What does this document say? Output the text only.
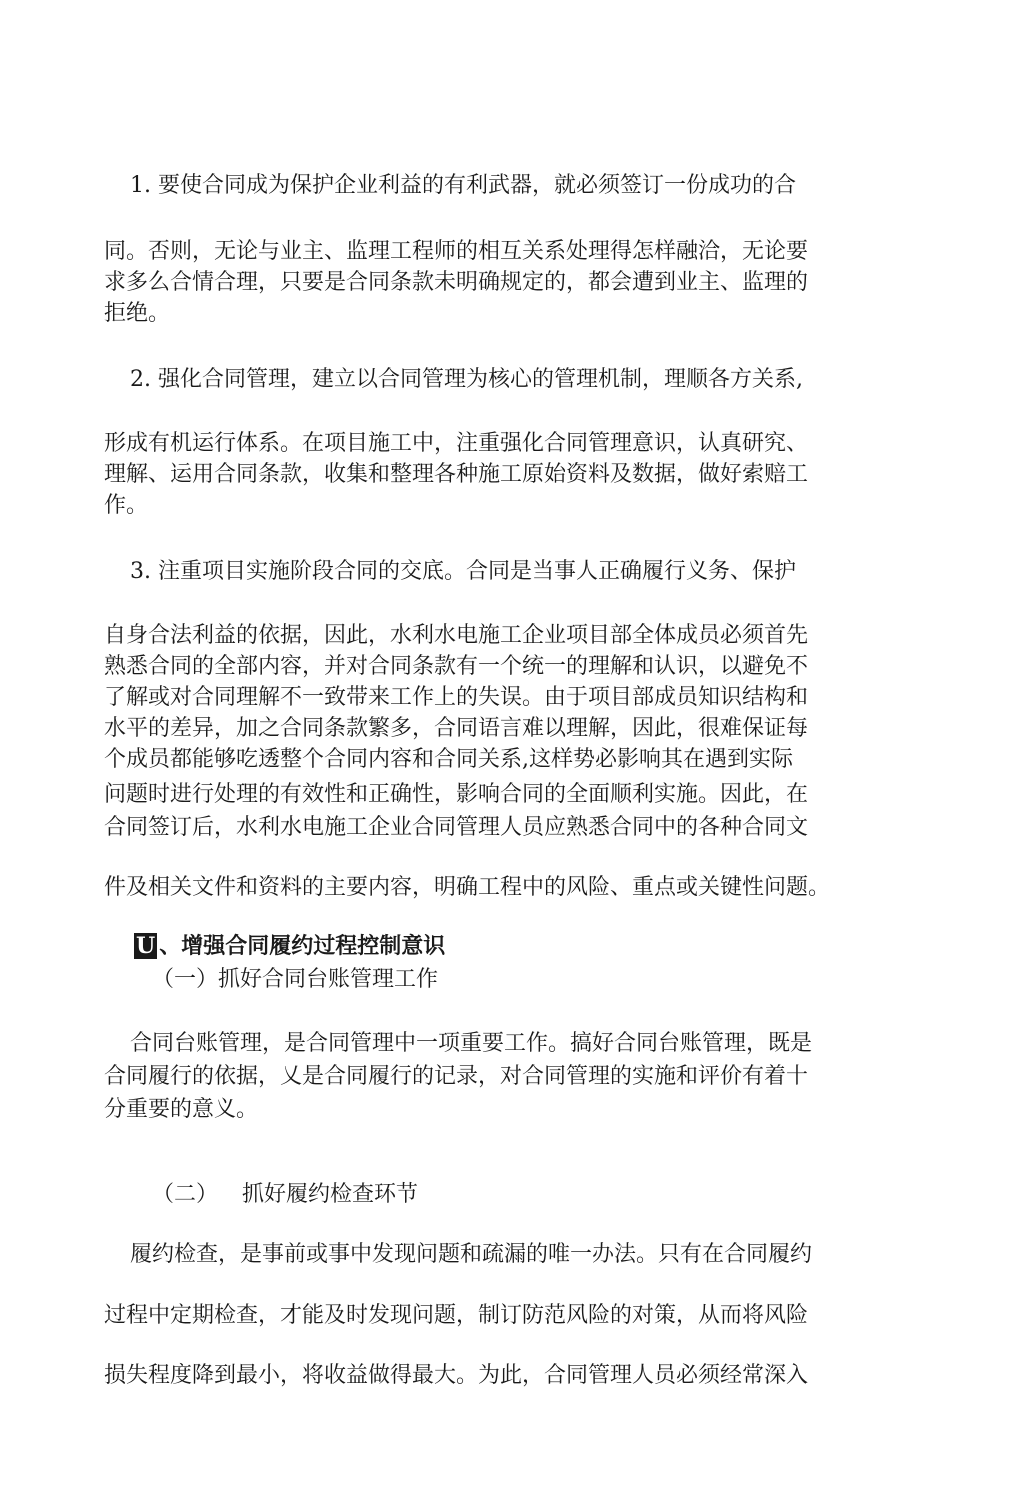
1. 要使合同成为保护企业利益的有利武器，就必须签订一份成功的合
同。否则，无论与业主、监理工程师的相互关系处理得怎样融洽，无论要
求多么合情合理，只要是合同条款未明确规定的，都会遭到业主、监理的
拒绝。
2. 强化合同管理，建立以合同管理为核心的管理机制，理顺各方关系,
形成有机运行体系。在项目施工中，注重强化合同管理意识，认真研究、
理解、运用合同条款，收集和整理各种施工原始资料及数据，做好索赔工
作。
3. 注重项目实施阶段合同的交底。合同是当事人正确履行义务、保护
自身合法利益的依据，因此，水利水电施工企业项目部全体成员必须首先
熟悉合同的全部内容，并对合同条款有一个统一的理解和认识，以避免不
了解或对合同理解不一致带来工作上的失误。由于项目部成员知识结构和
水平的差异，加之合同条款繁多，合同语言难以理解，因此，很难保证每
个成员都能够吃透整个合同内容和合同关系,这样势必影响其在遇到实际
问题时进行处理的有效性和正确性，影响合同的全面顺利实施。因此，在
合同签订后，水利水电施工企业合同管理人员应熟悉合同中的各种合同文
件及相关文件和资料的主要内容，明确工程中的风险、重点或关键性问题。
U 、增强合同履约过程控制意识
（一）抓好合同台账管理工作
合同台账管理，是合同管理中一项重要工作。搞好合同台账管理，既是
合同履行的依据，乂是合同履行的记录，对合同管理的实施和评价有着十
分重要的意义。
（二） 抓好履约检查环节
履约检查，是事前或事中发现问题和疏漏的唯一办法。只有在合同履约
过程中定期检查，才能及时发现问题，制订防范风险的对策，从而将风险
损失程度降到最小，将收益做得最大。为此，合同管理人员必须经常深入
